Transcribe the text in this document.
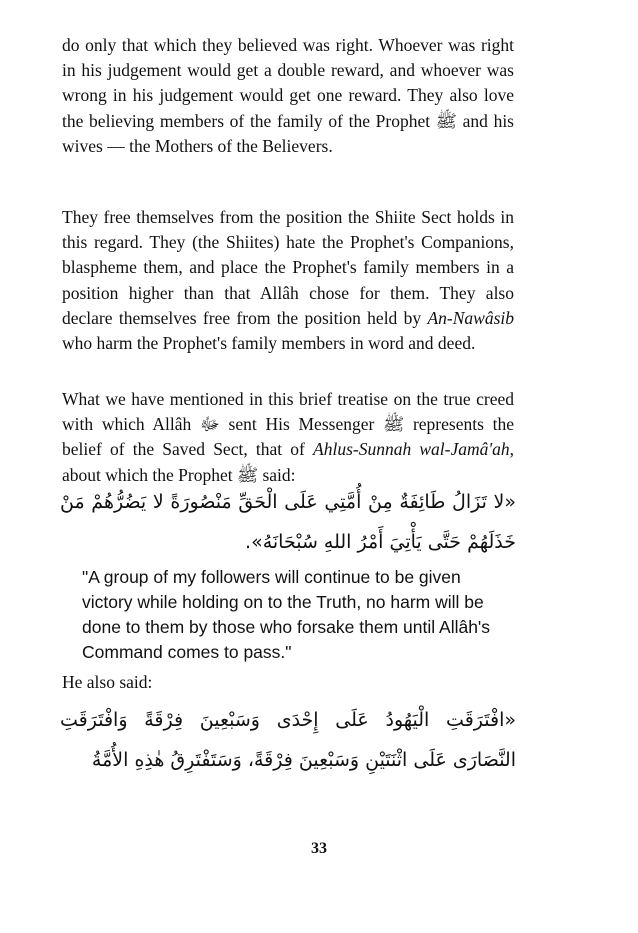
do only that which they believed was right. Whoever was right in his judgement would get a double reward, and whoever was wrong in his judgement would get one reward. They also love the believing members of the family of the Prophet ﷺ and his wives — the Mothers of the Believers.
They free themselves from the position the Shiite Sect holds in this regard. They (the Shiites) hate the Prophet's Companions, blaspheme them, and place the Prophet's family members in a position higher than that Allâh chose for them. They also declare themselves free from the position held by An-Nawâsib who harm the Prophet's family members in word and deed.
What we have mentioned in this brief treatise on the true creed with which Allâh ﷻ sent His Messenger ﷺ represents the belief of the Saved Sect, that of Ahlus-Sunnah wal-Jamâ'ah, about which the Prophet ﷺ said:
«لا تَزَالُ طَائِفَةٌ مِنْ أُمَّتِي عَلَى الْحَقِّ مَنْصُورَةً لا يَضُرُّهُمْ مَنْ خَذَلَهُمْ حَتَّى يَأْتِيَ أَمْرُ اللهِ سُبْحَانَهُ».
"A group of my followers will continue to be given victory while holding on to the Truth, no harm will be done to them by those who forsake them until Allâh's Command comes to pass."
He also said:
«افْتَرَقَتِ الْيَهُودُ عَلَى إِحْدَى وَسَبْعِينَ فِرْقَةً وَافْتَرَقَتِ النَّصَارَى عَلَى اثْنَتَيْنِ وَسَبْعِينَ فِرْقَةً، وَسَتَفْتَرِقُ هٰذِهِ الأُمَّةُ
33
